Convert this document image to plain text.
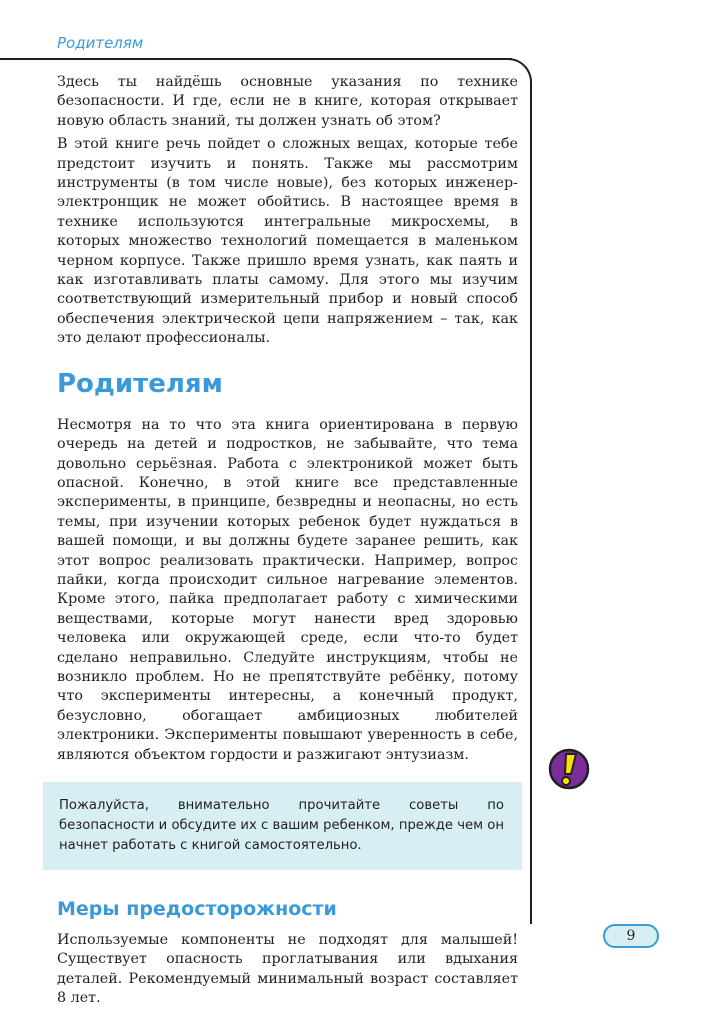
Родителям

Здесь ты найдёшь основные указания по технике безопасности. И где, если не в книге, которая открывает новую область знаний, ты должен узнать об этом?

В этой книге речь пойдет о сложных вещах, которые тебе предстоит изучить и понять. Также мы рассмотрим инструменты (в том числе новые), без которых инженер-электронщик не может обойтись. В настоящее время в технике используются интегральные микросхемы, в которых множество технологий помещается в маленьком черном корпусе. Также пришло время узнать, как паять и как изготавливать платы самому. Для этого мы изучим соответствующий измерительный прибор и новый способ обеспечения электрической цепи напряжением – так, как это делают профессионалы.

Родителям

Несмотря на то что эта книга ориентирована в первую очередь на детей и подростков, не забывайте, что тема довольно серьёзная. Работа с электроникой может быть опасной. Конечно, в этой книге все представленные эксперименты, в принципе, безвредны и неопасны, но есть темы, при изучении которых ребенок будет нуждаться в вашей помощи, и вы должны будете заранее решить, как этот вопрос реализовать практически. Например, вопрос пайки, когда происходит сильное нагревание элементов. Кроме этого, пайка предполагает работу с химическими веществами, которые могут нанести вред здоровью человека или окружающей среде, если что-то будет сделано неправильно. Следуйте инструкциям, чтобы не возникло проблем. Но не препятствуйте ребёнку, потому что эксперименты интересны, а конечный продукт, безусловно, обогащает амбициозных любителей электроники. Эксперименты повышают уверенность в себе, являются объектом гордости и разжигают энтузиазм.

Пожалуйста, внимательно прочитайте советы по безопасности и обсудите их с вашим ребенком, прежде чем он начнет работать с книгой самостоятельно.

Меры предосторожности

Используемые компоненты не подходят для малышей! Существует опасность проглатывания или вдыхания деталей. Рекомендуемый минимальный возраст составляет 8 лет.

9
